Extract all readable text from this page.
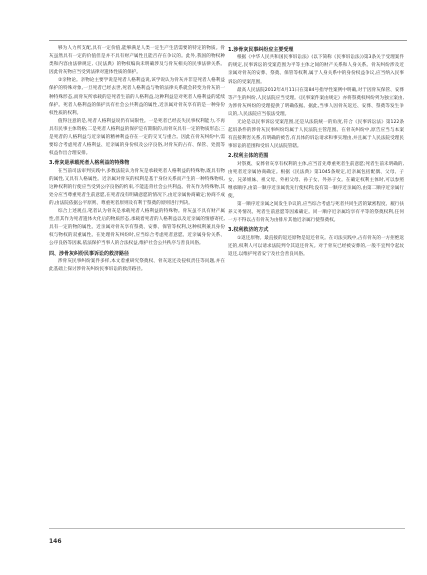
够为人力所支配,具有一定价值,能够满足人类一定生产生活需要的特定的物质。骨灰虽然具有一定的价值但是并不具有财产属性且能否存在争议的。此外,我国的物权种类和内容由法律规定,《民法典》的物权编尚未明确涉及与骨灰相关的民事法律关系。因此骨灰物应当受到法律对遗体性质的保护。

②亲物论。亲物论主要学说是死者人格利益说,该学说认为骨灰并非是死者人格利益保护的特殊对象,一旦死者已经去世,死者人格利益与物的法律关系就会转变为骨灰的一种特殊形态,而骨灰所承载的是死者生前的人格利益,这种利益是对死者人格利益的延续保护。死者人格利益的保护具有社会公共利益的属性,近亲属对骨灰享有的是一种身份权性质的权利。

值得注意的是,死者人格利益说仍有局限性。一是死者已经丧失民事权利能力,不再具有民事主体资格;二是死者人格利益的保护是有期限的,而骨灰具有一定的物质形态;三是死者的人格利益与近亲属的精神利益存在一定的交叉与重合。因此在骨灰纠纷中,需要综合考虑死者人格利益、近亲属的身份权及公序良俗,对骨灰的占有、保管、处置等权益作出合理安排。

3.骨灰是承载死者人格利益的特殊物

在当前司法审判实践中,多数法院认为骨灰是承载死者人格利益的特殊物,既具有物的属性,又具有人格属性。近亲属对骨灰的权利是基于身份关系而产生的一种特殊物权,这种权利的行使应当受到公序良俗的约束,不能违背社会公共利益。骨灰作为特殊物,其处分应当尊重死者生前意愿,在死者没有明确意愿的情况下,由近亲属协商确定;协商不成的,由法院依据公平原则、尊重死者原则及有利于祭奠的原则进行判决。

综合上述观点,笔者认为骨灰是承载死者人格利益的特殊物。骨灰虽不具有财产属性,但其作为死者遗体火化后的物质形态,承载着死者的人格利益以及近亲属的情感寄托,具有一定的物的属性。近亲属对骨灰享有祭奠、安葬、保管等权利,这种权利兼具身份权与物权的双重属性。在处理骨灰纠纷时,应当综合考虑死者意愿、近亲属身份关系、公序良俗等因素,依法保护当事人的合法权益,维护社会公共秩序与善良风俗。

四、涉骨灰纠纷民事诉讼的救济路径

涉骨灰民事纠纷案件多样,本文着重研究祭奠权、骨灰返还及侵权责任等问题,并在此基础上探讨涉骨灰纠纷民事诉讼的救济路径。

1.涉骨灰民事纠纷应主要受理

根据《中华人民共和国民事诉讼法》(以下简称《民事诉讼法》)第3条关于受理案件的规定,民事诉讼的受案范围为平等主体之间的财产关系和人身关系。骨灰纠纷涉及近亲属对骨灰的安葬、祭奠、保管等权利,属于人身关系中的身份权益争议,应当纳入民事诉讼的受案范围。

最高人民法院2012年4月11日在第84号指导性案例中明确,对于因骨灰保管、安葬等产生的纠纷,人民法院应当受理。《民事案件案由规定》亦将祭奠权纠纷列为独立案由,为涉骨灰纠纷的受理提供了明确依据。据此,当事人因骨灰返还、安葬、祭奠等发生争议的,人民法院应当依法受理。

无论是以民事诉讼受案范围,还是从法院统一的角度,符合《民事诉讼法》第122条起诉条件的涉骨灰民事纠纷均属于人民法院主管范围。在骨灰纠纷中,原告应当与本案有直接利害关系,有明确的被告,有具体的诉讼请求和事实理由,并且属于人民法院受理民事诉讼的范围和受诉人民法院管辖。

2.权利主体的范围

对祭奠、安葬骨灰享有权利的主体,应当首先尊重死者生前意愿;死者生前未明确的,由死者近亲属协商确定。根据《民法典》第1045条规定,近亲属包括配偶、父母、子女、兄弟姐妹、祖父母、外祖父母、孙子女、外孙子女。在确定权利主体时,可以参照继承顺序,由第一顺序近亲属优先行使权利;没有第一顺序近亲属的,由第二顺序近亲属行使。

第一顺序近亲属之间发生争议的,应当综合考虑与死者共同生活的紧密程度、履行扶养义务情况、死者生前意愿等因素确定。同一顺序近亲属均享有平等的祭奠权利,任何一方不得以占有骨灰为由排斥其他近亲属行使祭奠权。

3.权利救济的方式

①返还原物。最直接的返还原物是返还骨灰。在司法实践中,占有骨灰的一方拒绝返还的,权利人可以请求法院判令其返还骨灰。对于骨灰已经被安葬的,一般不宜判令起坟返还,以维护死者安宁及社会善良风俗。

146
